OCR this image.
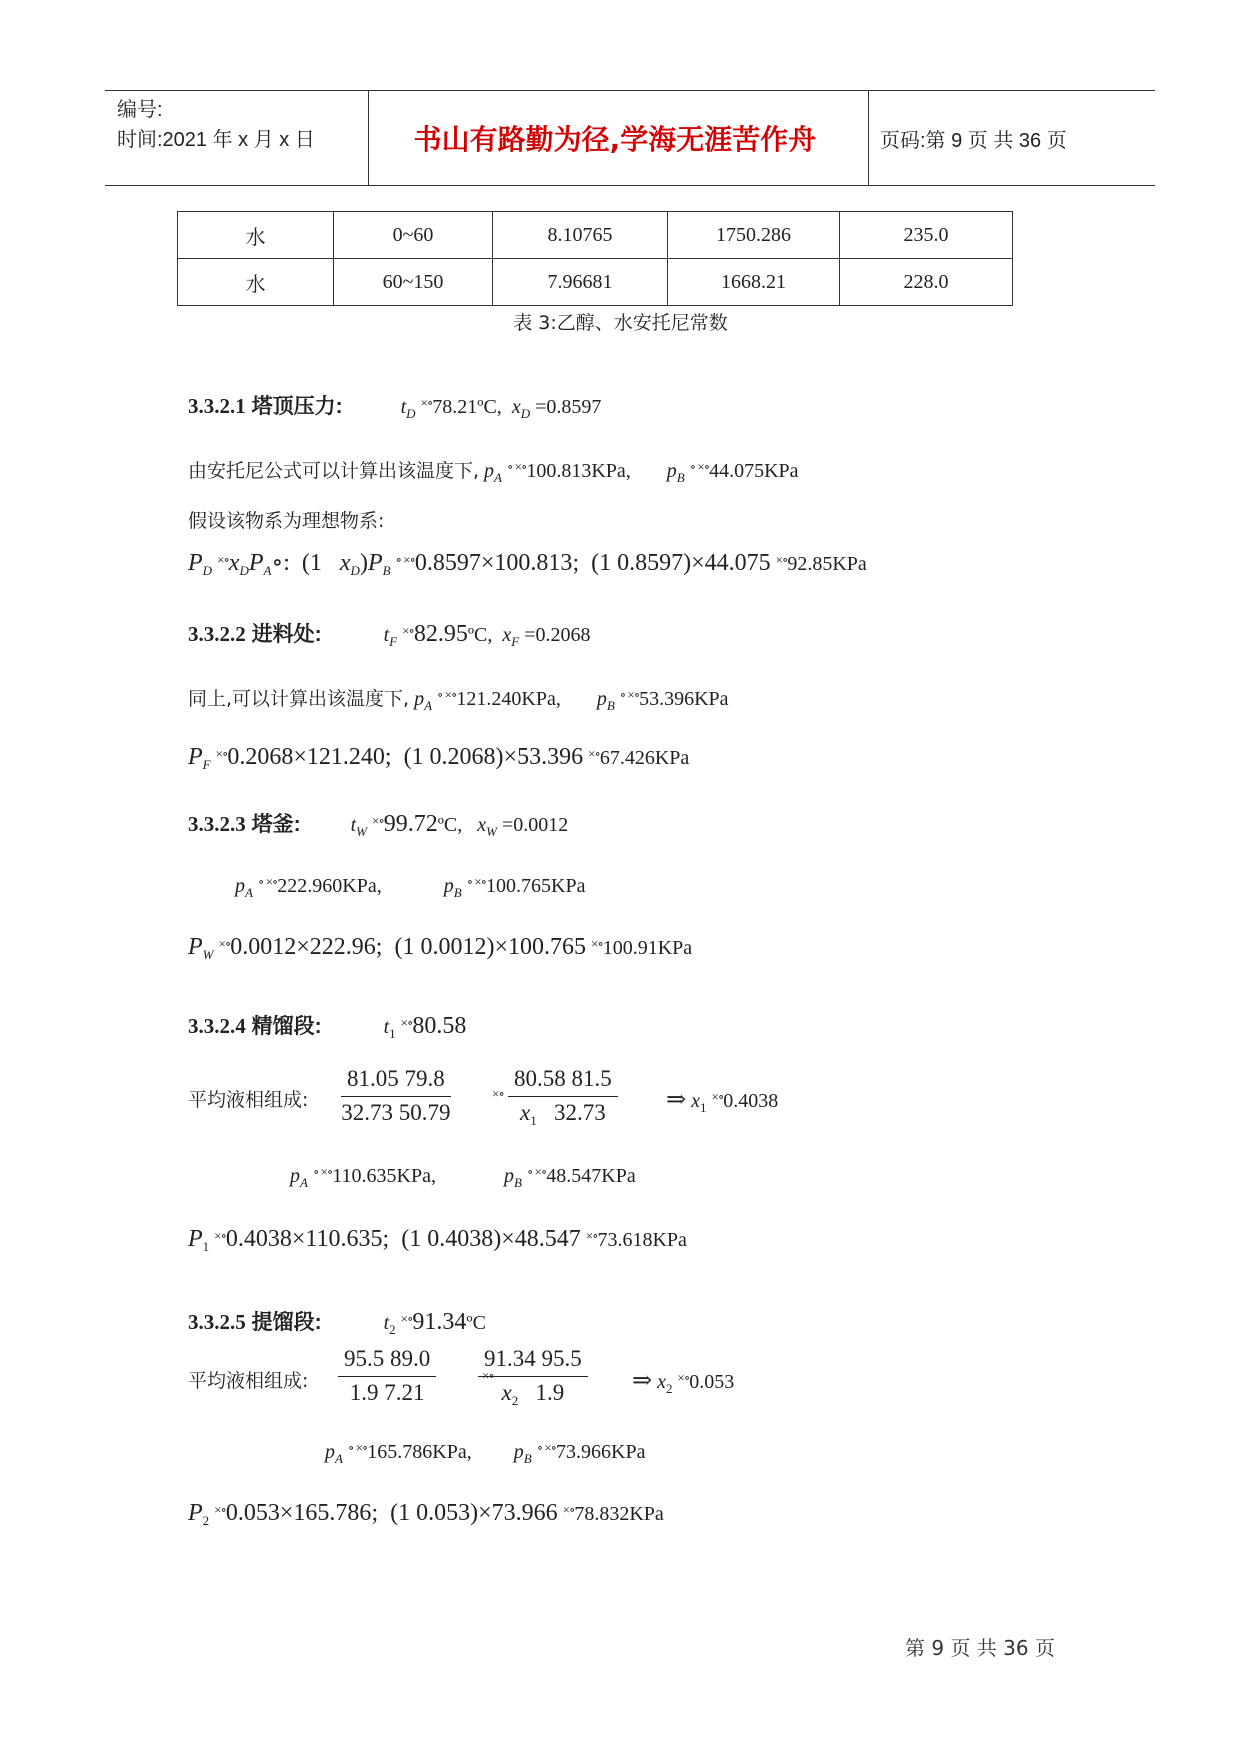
编号:
时间:2021 年 x 月 x 日	书山有路勤为径,学海无涯苦作舟	页码:第 9 页 共 36 页
水	0~60	8.10765	1750.286	235.0
水	60~150	7.96681	1668.21	228.0
表 3:乙醇、水安托尼常数
3.3.2.1 塔顶压力:	$t_D$ ×∘78.21ºC, $x_D =0.8597$
由安托尼公式可以计算出该温度下, $p_A$ ∘ ×∘100.813KPa, $p_B$ ∘ ×∘44.075KPa
假设该物系为理想物系:
$P_D$ $^{\times\circ}x_DP_A\circ$:  (1   $x_D)P_B$ ∘ ×∘0.8597×100.813;  (1 0.8597)×44.075 ×∘92.85KPa
3.3.2.2 进料处:	$t_F$ ×∘82.95ºC, $x_F =0.2068$
同上,可以计算出该温度下, $p_A$ ∘ ×∘121.240KPa, $p_B$ ∘ ×∘53.396KPa
$P_F$ ×∘0.2068×121.240;  (1 0.2068)×53.396 ×∘67.426KPa
3.3.2.3 塔釜:	$t_W$ ×∘99.72ºC, $x_W =0.0012$
$p_A$ ∘ ×∘222.960KPa,	$p_B$ ∘ ×∘100.765KPa
$P_W$ ×∘0.0012×222.96;  (1 0.0012)×100.765 ×∘100.91KPa
3.3.2.4 精馏段:	$t_1$ ×∘80.58
平均液相组成: $\frac{81.05 79.8}{32.73 50.79}$	$^{\times\circ} \frac{80.58 81.5}{x_1 32.73}$ ⇒ $x_1$ ×∘0.4038
$p_A$ ∘ ×∘110.635KPa,	$p_B$ ∘ ×∘48.547KPa
$P_1$ ×∘0.4038×110.635;  (1 0.4038)×48.547 ×∘73.618KPa
3.3.2.5 提馏段:	$t_2$ ×∘91.34ºC
平均液相组成: $\frac{95.5 89.0}{1.9 7.21}$	×∘
$\frac{91.34 95.5}{x_2 1.9}$ ⇒ $x_2$ ×∘0.053
$p_A$ ∘ ×∘165.786KPa, $p_B$ ∘ ×∘73.966KPa
$P_2$ ×∘0.053×165.786;  (1 0.053)×73.966 ×∘78.832KPa
第 9 页 共 36 页
